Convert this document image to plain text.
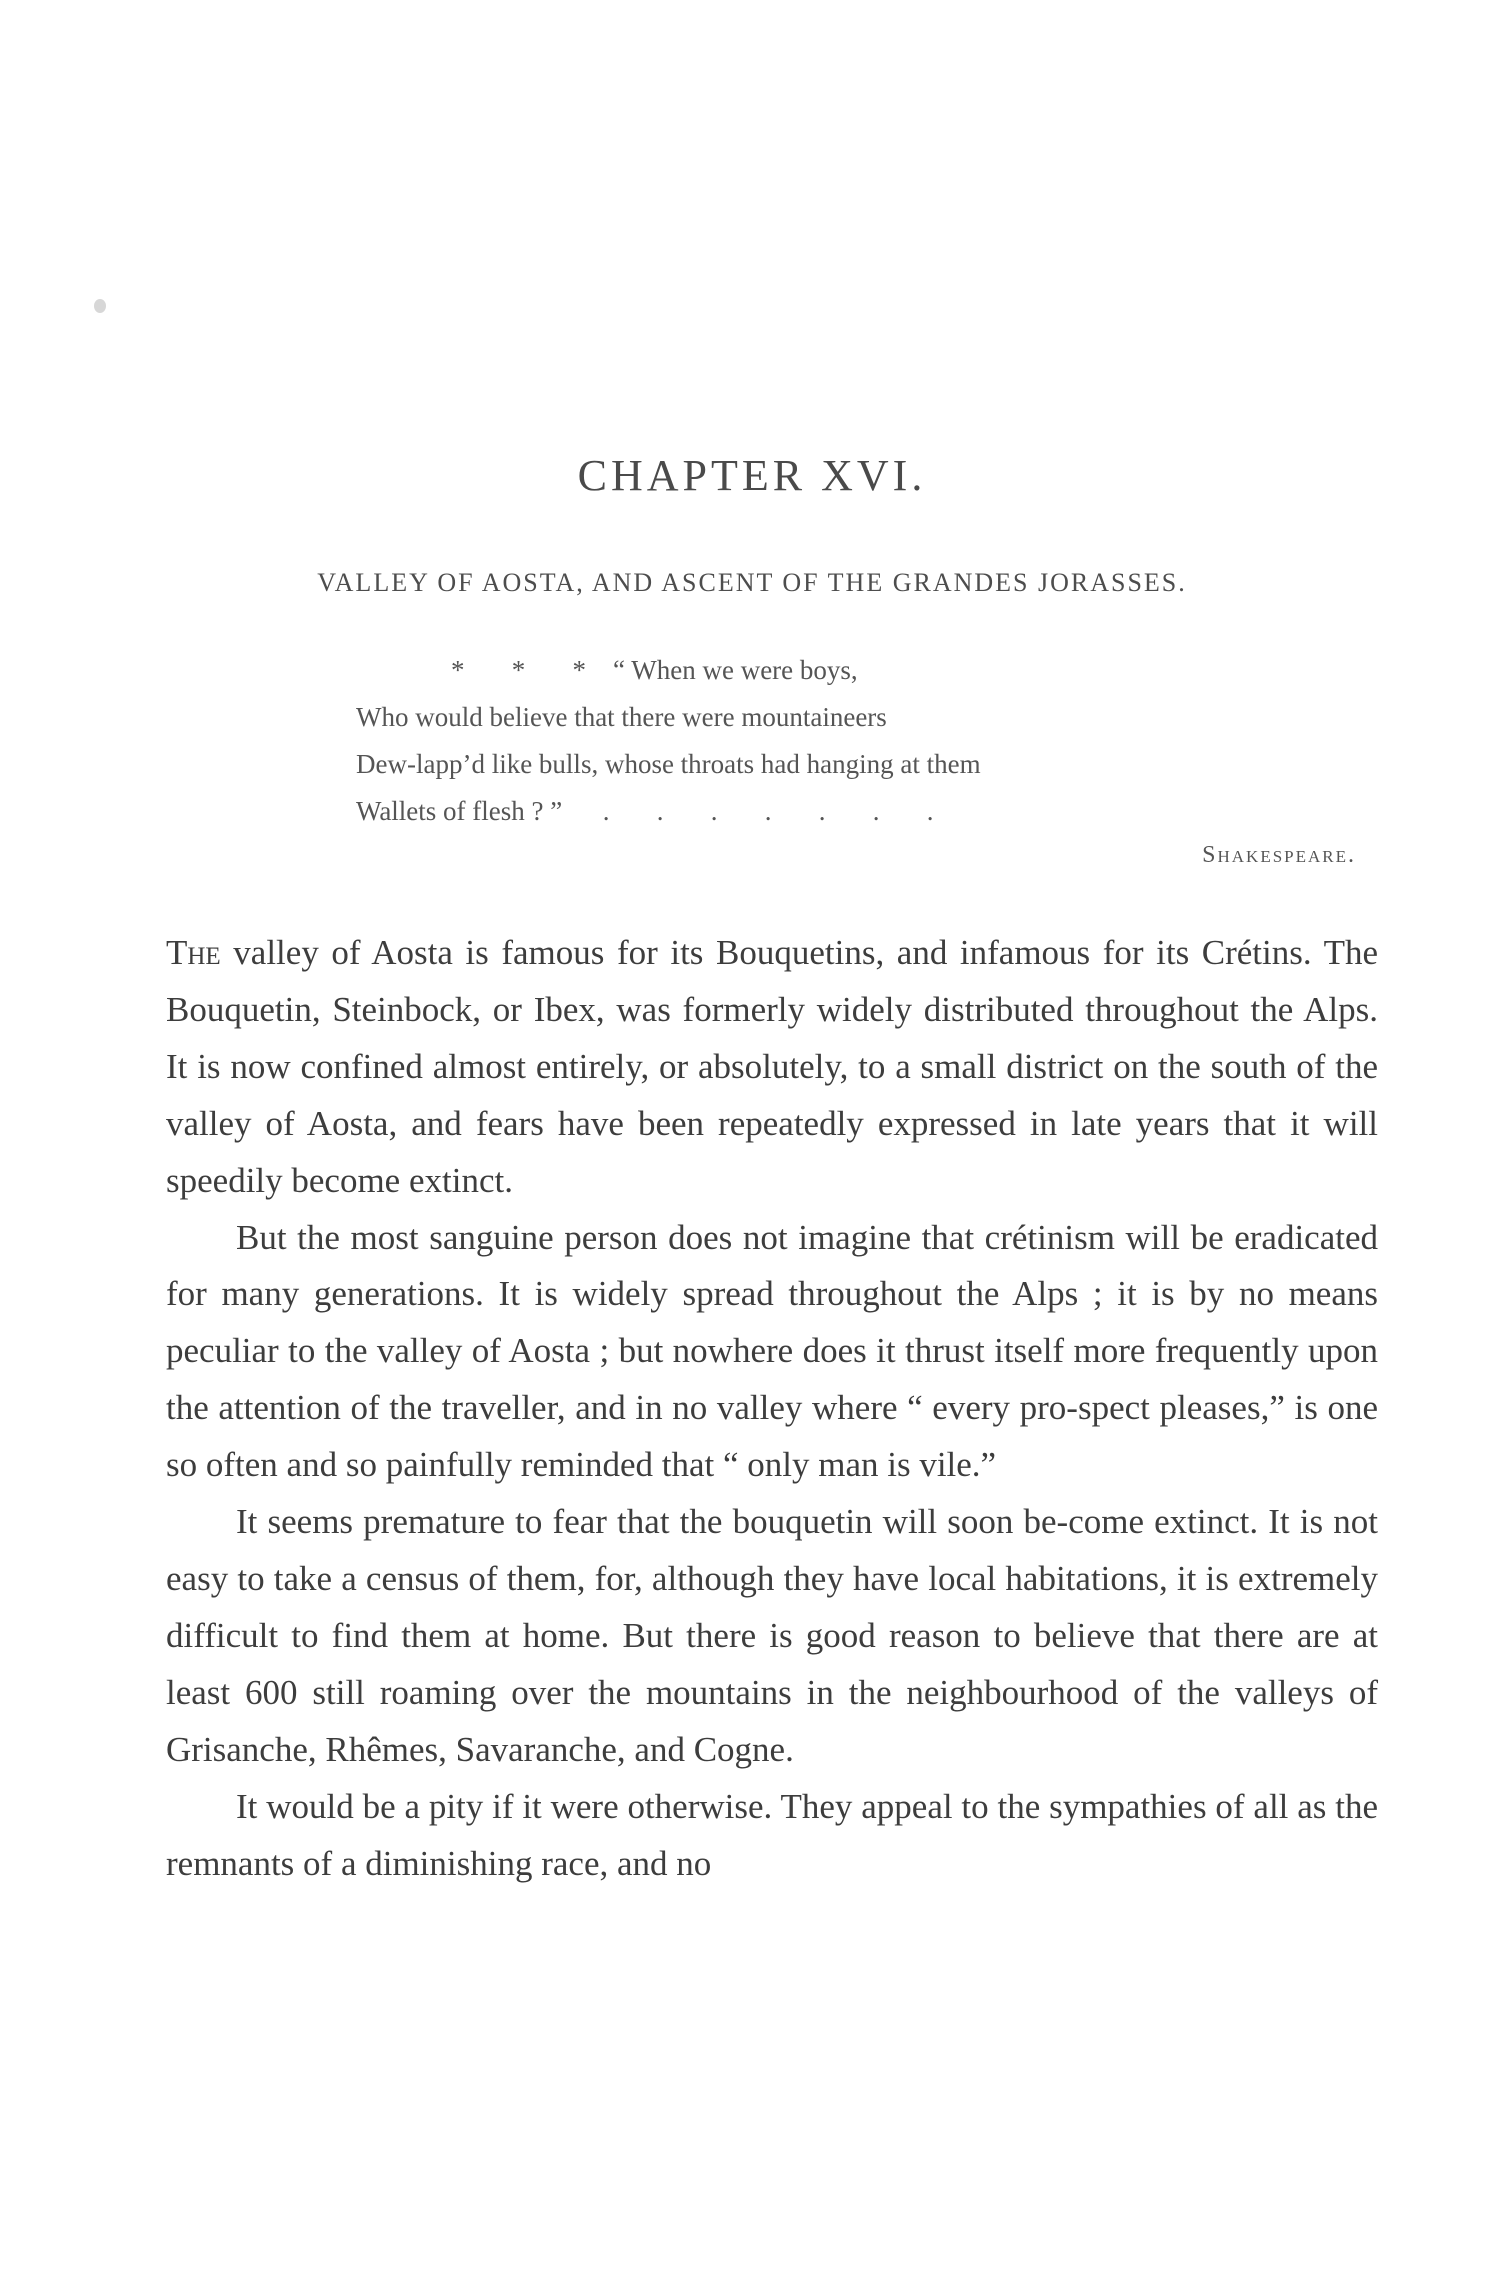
CHAPTER XVI.
VALLEY OF AOSTA, AND ASCENT OF THE GRANDES JORASSES.
*       *       *    “ When we were boys,
Who would believe that there were mountaineers
Dew-lapp’d like bulls, whose throats had hanging at them
Wallets of flesh ? ”      .       .       .       .       .       .       .
Shakespeare.

The valley of Aosta is famous for its Bouquetins, and infamous for its Crétins. The Bouquetin, Steinbock, or Ibex, was formerly widely distributed throughout the Alps. It is now confined almost entirely, or absolutely, to a small district on the south of the valley of Aosta, and fears have been repeatedly expressed in late years that it will speedily become extinct.

But the most sanguine person does not imagine that crétinism will be eradicated for many generations. It is widely spread throughout the Alps ; it is by no means peculiar to the valley of Aosta ; but nowhere does it thrust itself more frequently upon the attention of the traveller, and in no valley where “ every pro-spect pleases,” is one so often and so painfully reminded that “ only man is vile.”

It seems premature to fear that the bouquetin will soon be-come extinct. It is not easy to take a census of them, for, although they have local habitations, it is extremely difficult to find them at home. But there is good reason to believe that there are at least 600 still roaming over the mountains in the neighbourhood of the valleys of Grisanche, Rhêmes, Savaranche, and Cogne.

It would be a pity if it were otherwise. They appeal to the sympathies of all as the remnants of a diminishing race, and no
